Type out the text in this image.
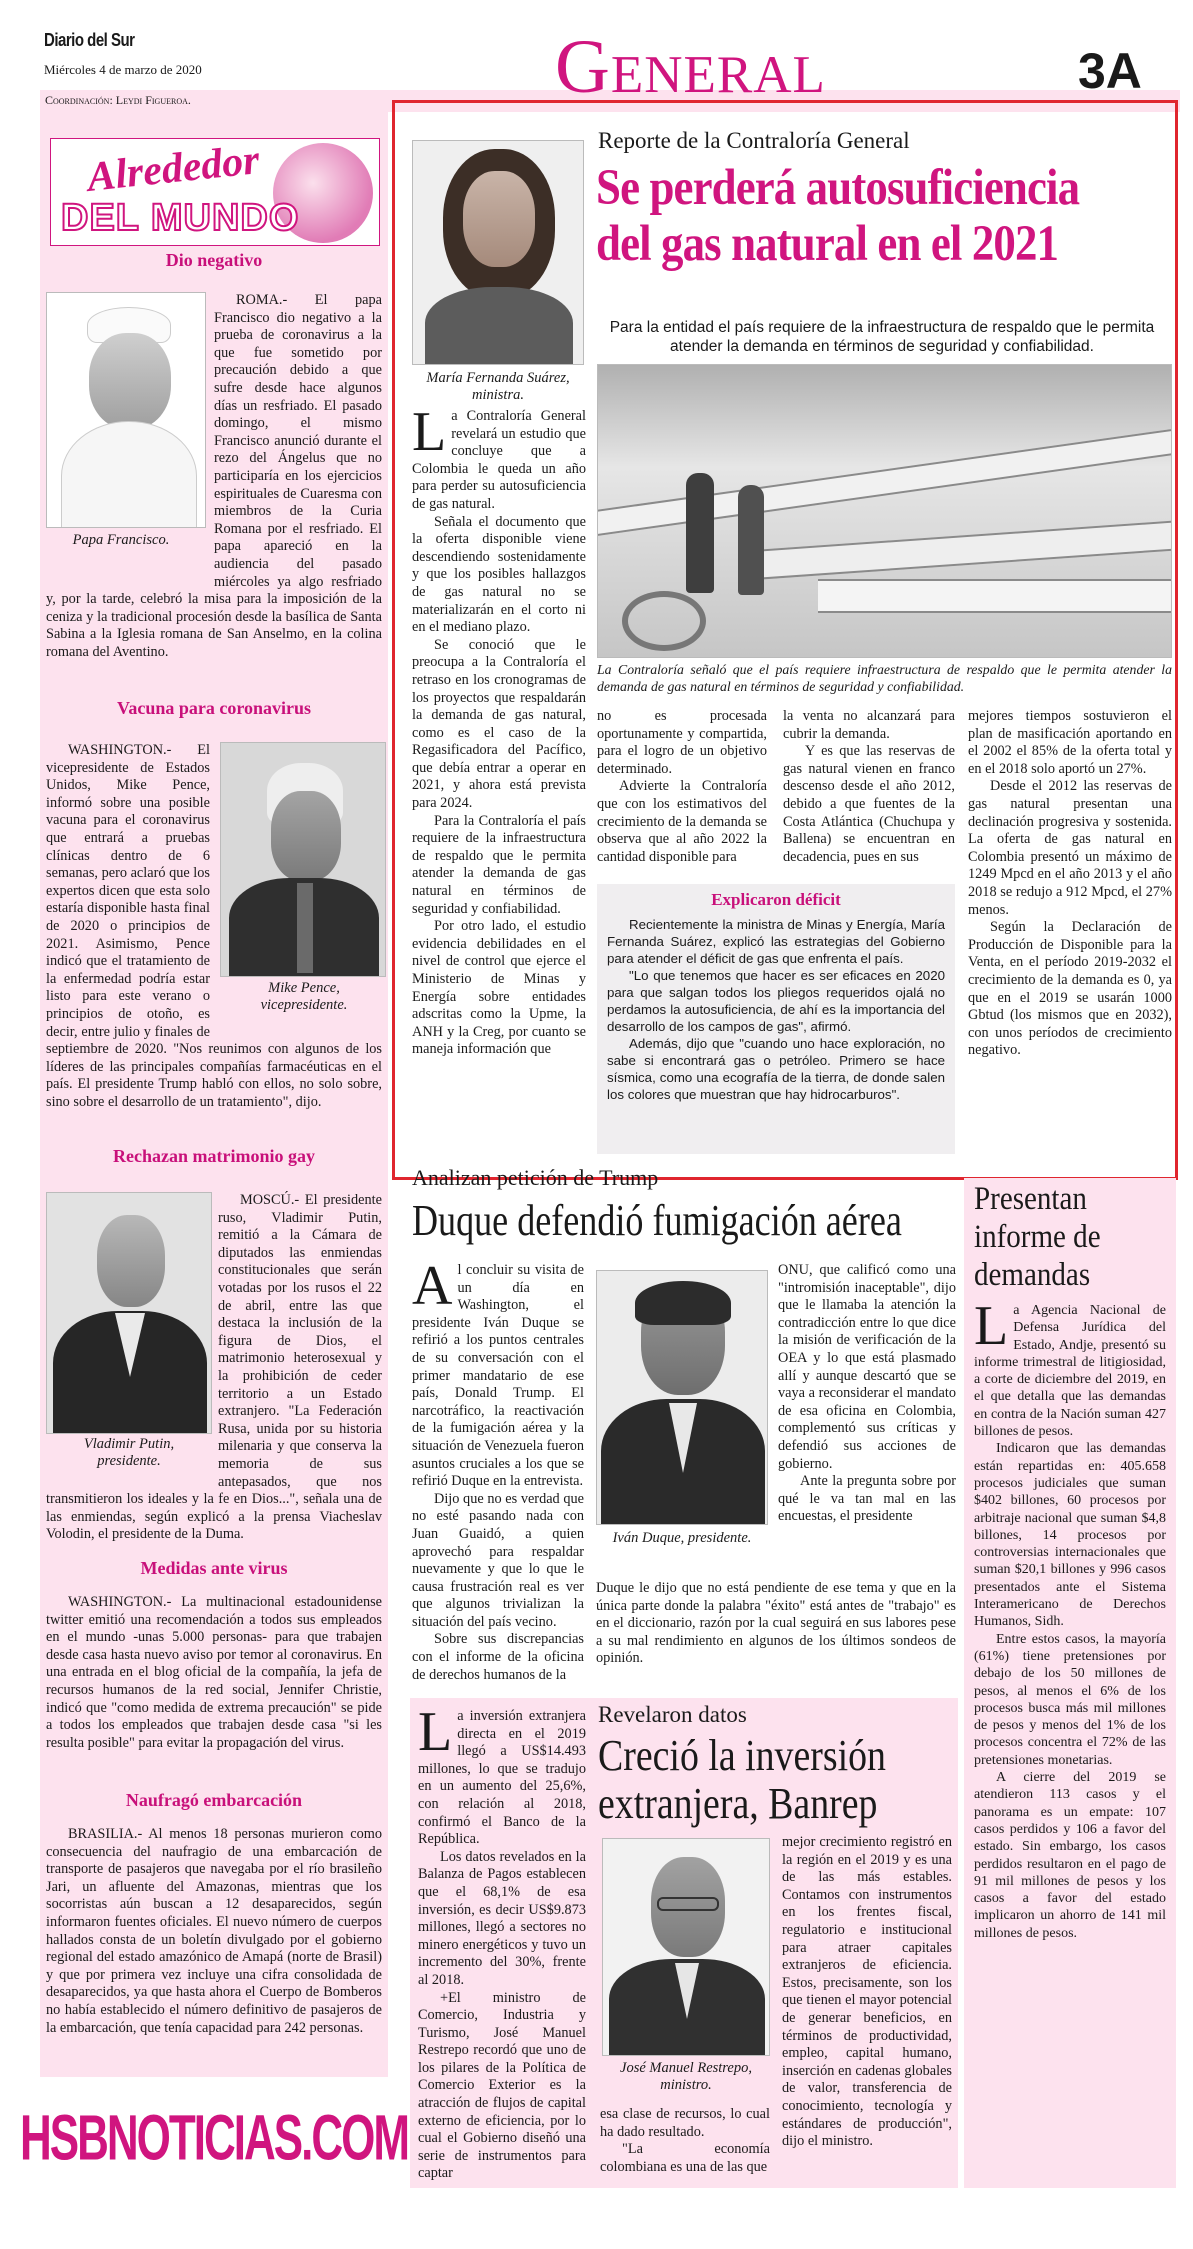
Diario del Sur
Miércoles 4 de marzo de 2020
Coordinación: Leydi Figueroa.	General	3A
Alrededor
DEL MUNDO
Dio negativo
Papa Francisco.

ROMA.- El papa Francisco dio negativo a la prueba de coronavirus a la que fue sometido por precaución debido a que sufre desde hace algunos días un resfriado. El pasado domingo, el mismo Francisco anunció durante el rezo del Ángelus que no participaría en los ejercicios espirituales de Cuaresma con miembros de la Curia Romana por el resfriado. El papa apareció en la audiencia del pasado miércoles ya algo resfriado y, por la tarde, celebró la misa para la imposición de la ceniza y la tradicional procesión desde la basílica de Santa Sabina a la Iglesia romana de San Anselmo, en la colina romana del Aventino.

Vacuna para coronavirus
Mike Pence, vicepresidente.

WASHINGTON.- El vicepresidente de Estados Unidos, Mike Pence, informó sobre una posible vacuna para el coronavirus que entrará a pruebas clínicas dentro de 6 semanas, pero aclaró que los expertos dicen que esta solo estaría disponible hasta final de 2020 o principios de 2021. Asimismo, Pence indicó que el tratamiento de la enfermedad podría estar listo para este verano o principios de otoño, es decir, entre julio y finales de septiembre de 2020. "Nos reunimos con algunos de los líderes de las principales compañías farmacéuticas en el país. El presidente Trump habló con ellos, no solo sobre, sino sobre el desarrollo de un tratamiento", dijo.

Rechazan matrimonio gay
Vladimir Putin, presidente.

MOSCÚ.- El presidente ruso, Vladimir Putin, remitió a la Cámara de diputados las enmiendas constitucionales que serán votadas por los rusos el 22 de abril, entre las que destaca la inclusión de la figura de Dios, el matrimonio heterosexual y la prohibición de ceder territorio a un Estado extranjero. "La Federación Rusa, unida por su historia milenaria y que conserva la memoria de sus antepasados, que nos transmitieron los ideales y la fe en Dios...", señala una de las enmiendas, según explicó a la prensa Viacheslav Volodin, el presidente de la Duma.

Medidas ante virus

WASHINGTON.- La multinacional estadounidense twitter emitió una recomendación a todos sus empleados en el mundo -unas 5.000 personas- para que trabajen desde casa hasta nuevo aviso por temor al coronavirus. En una entrada en el blog oficial de la compañía, la jefa de recursos humanos de la red social, Jennifer Christie, indicó que "como medida de extrema precaución" se pide a todos los empleados que trabajen desde casa "si les resulta posible" para evitar la propagación del virus.

Naufragó embarcación

BRASILIA.- Al menos 18 personas murieron como consecuencia del naufragio de una embarcación de transporte de pasajeros que navegaba por el río brasileño Jari, un afluente del Amazonas, mientras que los socorristas aún buscan a 12 desaparecidos, según informaron fuentes oficiales. El nuevo número de cuerpos hallados consta de un boletín divulgado por el gobierno regional del estado amazónico de Amapá (norte de Brasil) y que por primera vez incluye una cifra consolidada de desaparecidos, ya que hasta ahora el Cuerpo de Bomberos no había establecido el número definitivo de pasajeros de la embarcación, que tenía capacidad para 242 personas.

HSBNOTICIAS.COM
María Fernanda Suárez, ministra.
Reporte de la Contraloría General
Se perderá autosuficiencia del gas natural en el 2021
Para la entidad el país requiere de la infraestructura de respaldo que le permita atender la demanda en términos de seguridad y confiabilidad.
La Contraloría señaló que el país requiere infraestructura de respaldo que le permita atender la demanda de gas natural en términos de seguridad y confiabilidad.

La Contraloría General revelará un estudio que concluye que a Colombia le queda un año para perder su autosuficiencia de gas natural.

Señala el documento que la oferta disponible viene descendiendo sostenidamente y que los posibles hallazgos de gas natural no se materializarán en el corto ni en el mediano plazo.

Se conoció que le preocupa a la Contraloría el retraso en los cronogramas de los proyectos que respaldarán la demanda de gas natural, como es el caso de la Regasificadora del Pacífico, que debía entrar a operar en 2021, y ahora está prevista para 2024.

Para la Contraloría el país requiere de la infraestructura de respaldo que le permita atender la demanda de gas natural en términos de seguridad y confiabilidad.

Por otro lado, el estudio evidencia debilidades en el nivel de control que ejerce el Ministerio de Minas y Energía sobre entidades adscritas como la Upme, la ANH y la Creg, por cuanto se maneja información que

no es procesada oportunamente y compartida, para el logro de un objetivo determinado.

Advierte la Contraloría que con los estimativos del crecimiento de la demanda se observa que al año 2022 la cantidad disponible para

la venta no alcanzará para cubrir la demanda.

Y es que las reservas de gas natural vienen en franco descenso desde el año 2012, debido a que fuentes de la Costa Atlántica (Chuchupa y Ballena) se encuentran en decadencia, pues en sus

mejores tiempos sostuvieron el plan de masificación aportando en el 2002 el 85% de la oferta total y en el 2018 solo aportó un 27%.

Desde el 2012 las reservas de gas natural presentan una declinación progresiva y sostenida. La oferta de gas natural en Colombia presentó un máximo de 1249 Mpcd en el año 2013 y el año 2018 se redujo a 912 Mpcd, el 27% menos.

Según la Declaración de Producción de Disponible para la Venta, en el período 2019-2032 el crecimiento de la demanda es 0, ya que en el 2019 se usarán 1000 Gbtud (los mismos que en 2032), con unos períodos de crecimiento negativo.

Explicaron déficit

Recientemente la ministra de Minas y Energía, María Fernanda Suárez, explicó las estrategias del Gobierno para atender el déficit de gas que enfrenta el país.

"Lo que tenemos que hacer es ser eficaces en 2020 para que salgan todos los pliegos requeridos ojalá no perdamos la autosuficiencia, de ahí es la importancia del desarrollo de los campos de gas", afirmó.

Además, dijo que "cuando uno hace exploración, no sabe si encontrará gas o petróleo. Primero se hace sísmica, como una ecografía de la tierra, de donde salen los colores que muestran que hay hidrocarburos".

Analizan petición de Trump
Duque defendió fumigación aérea

Al concluir su visita de un día en Washington, el presidente Iván Duque se refirió a los puntos centrales de su conversación con el primer mandatario de ese país, Donald Trump. El narcotráfico, la reactivación de la fumigación aérea y la situación de Venezuela fueron asuntos cruciales a los que se refirió Duque en la entrevista.

Dijo que no es verdad que no esté pasando nada con Juan Guaidó, a quien aprovechó para respaldar nuevamente y que lo que le causa frustración real es ver que algunos trivializan la situación del país vecino.

Sobre sus discrepancias con el informe de la oficina de derechos humanos de la

Iván Duque, presidente.

Duque le dijo que no está pendiente de ese tema y que en la única parte donde la palabra "éxito" está antes de "trabajo" es en el diccionario, razón por la cual seguirá en sus labores pese a su mal rendimiento en algunos de los últimos sondeos de opinión.

ONU, que calificó como una "intromisión inaceptable", dijo que le llamaba la atención la contradicción entre lo que dice la misión de verificación de la OEA y lo que está plasmado allí y aunque descartó que se vaya a reconsiderar el mandato de esa oficina en Colombia, complementó sus críticas y defendió sus acciones de gobierno.

Ante la pregunta sobre por qué le va tan mal en las encuestas, el presidente

Presentan informe de demandas

La Agencia Nacional de Defensa Jurídica del Estado, Andje, presentó su informe trimestral de litigiosidad, a corte de diciembre del 2019, en el que detalla que las demandas en contra de la Nación suman 427 billones de pesos.

Indicaron que las demandas están repartidas en: 405.658 procesos judiciales que suman $402 billones, 60 procesos por arbitraje nacional que suman $4,8 billones, 14 procesos por controversias internacionales que suman $20,1 billones y 996 casos presentados ante el Sistema Interamericano de Derechos Humanos, Sidh.

Entre estos casos, la mayoría (61%) tiene pretensiones por debajo de los 50 millones de pesos, al menos el 6% de los procesos busca más mil millones de pesos y menos del 1% de los procesos concentra el 72% de las pretensiones monetarias.

A cierre del 2019 se atendieron 113 casos y el panorama es un empate: 107 casos perdidos y 106 a favor del estado. Sin embargo, los casos perdidos resultaron en el pago de 91 mil millones de pesos y los casos a favor del estado implicaron un ahorro de 141 mil millones de pesos.

Revelaron datos
Creció la inversión extranjera, Banrep

La inversión extranjera directa en el 2019 llegó a US$14.493 millones, lo que se tradujo en un aumento del 25,6%, con relación al 2018, confirmó el Banco de la República.

Los datos revelados en la Balanza de Pagos establecen que el 68,1% de esa inversión, es decir US$9.873 millones, llegó a sectores no minero energéticos y tuvo un incremento del 30%, frente al 2018.

+El ministro de Comercio, Industria y Turismo, José Manuel Restrepo recordó que uno de los pilares de la Política de Comercio Exterior es la atracción de flujos de capital externo de eficiencia, por lo cual el Gobierno diseñó una serie de instrumentos para captar

José Manuel Restrepo, ministro.

esa clase de recursos, lo cual ha dado resultado.

"La economía colombiana es una de las que

mejor crecimiento registró en la región en el 2019 y es una de las más estables. Contamos con instrumentos en los frentes fiscal, regulatorio e institucional para atraer capitales extranjeros de eficiencia. Estos, precisamente, son los que tienen el mayor potencial de generar beneficios, en términos de productividad, empleo, capital humano, inserción en cadenas globales de valor, transferencia de conocimiento, tecnología y estándares de producción", dijo el ministro.
